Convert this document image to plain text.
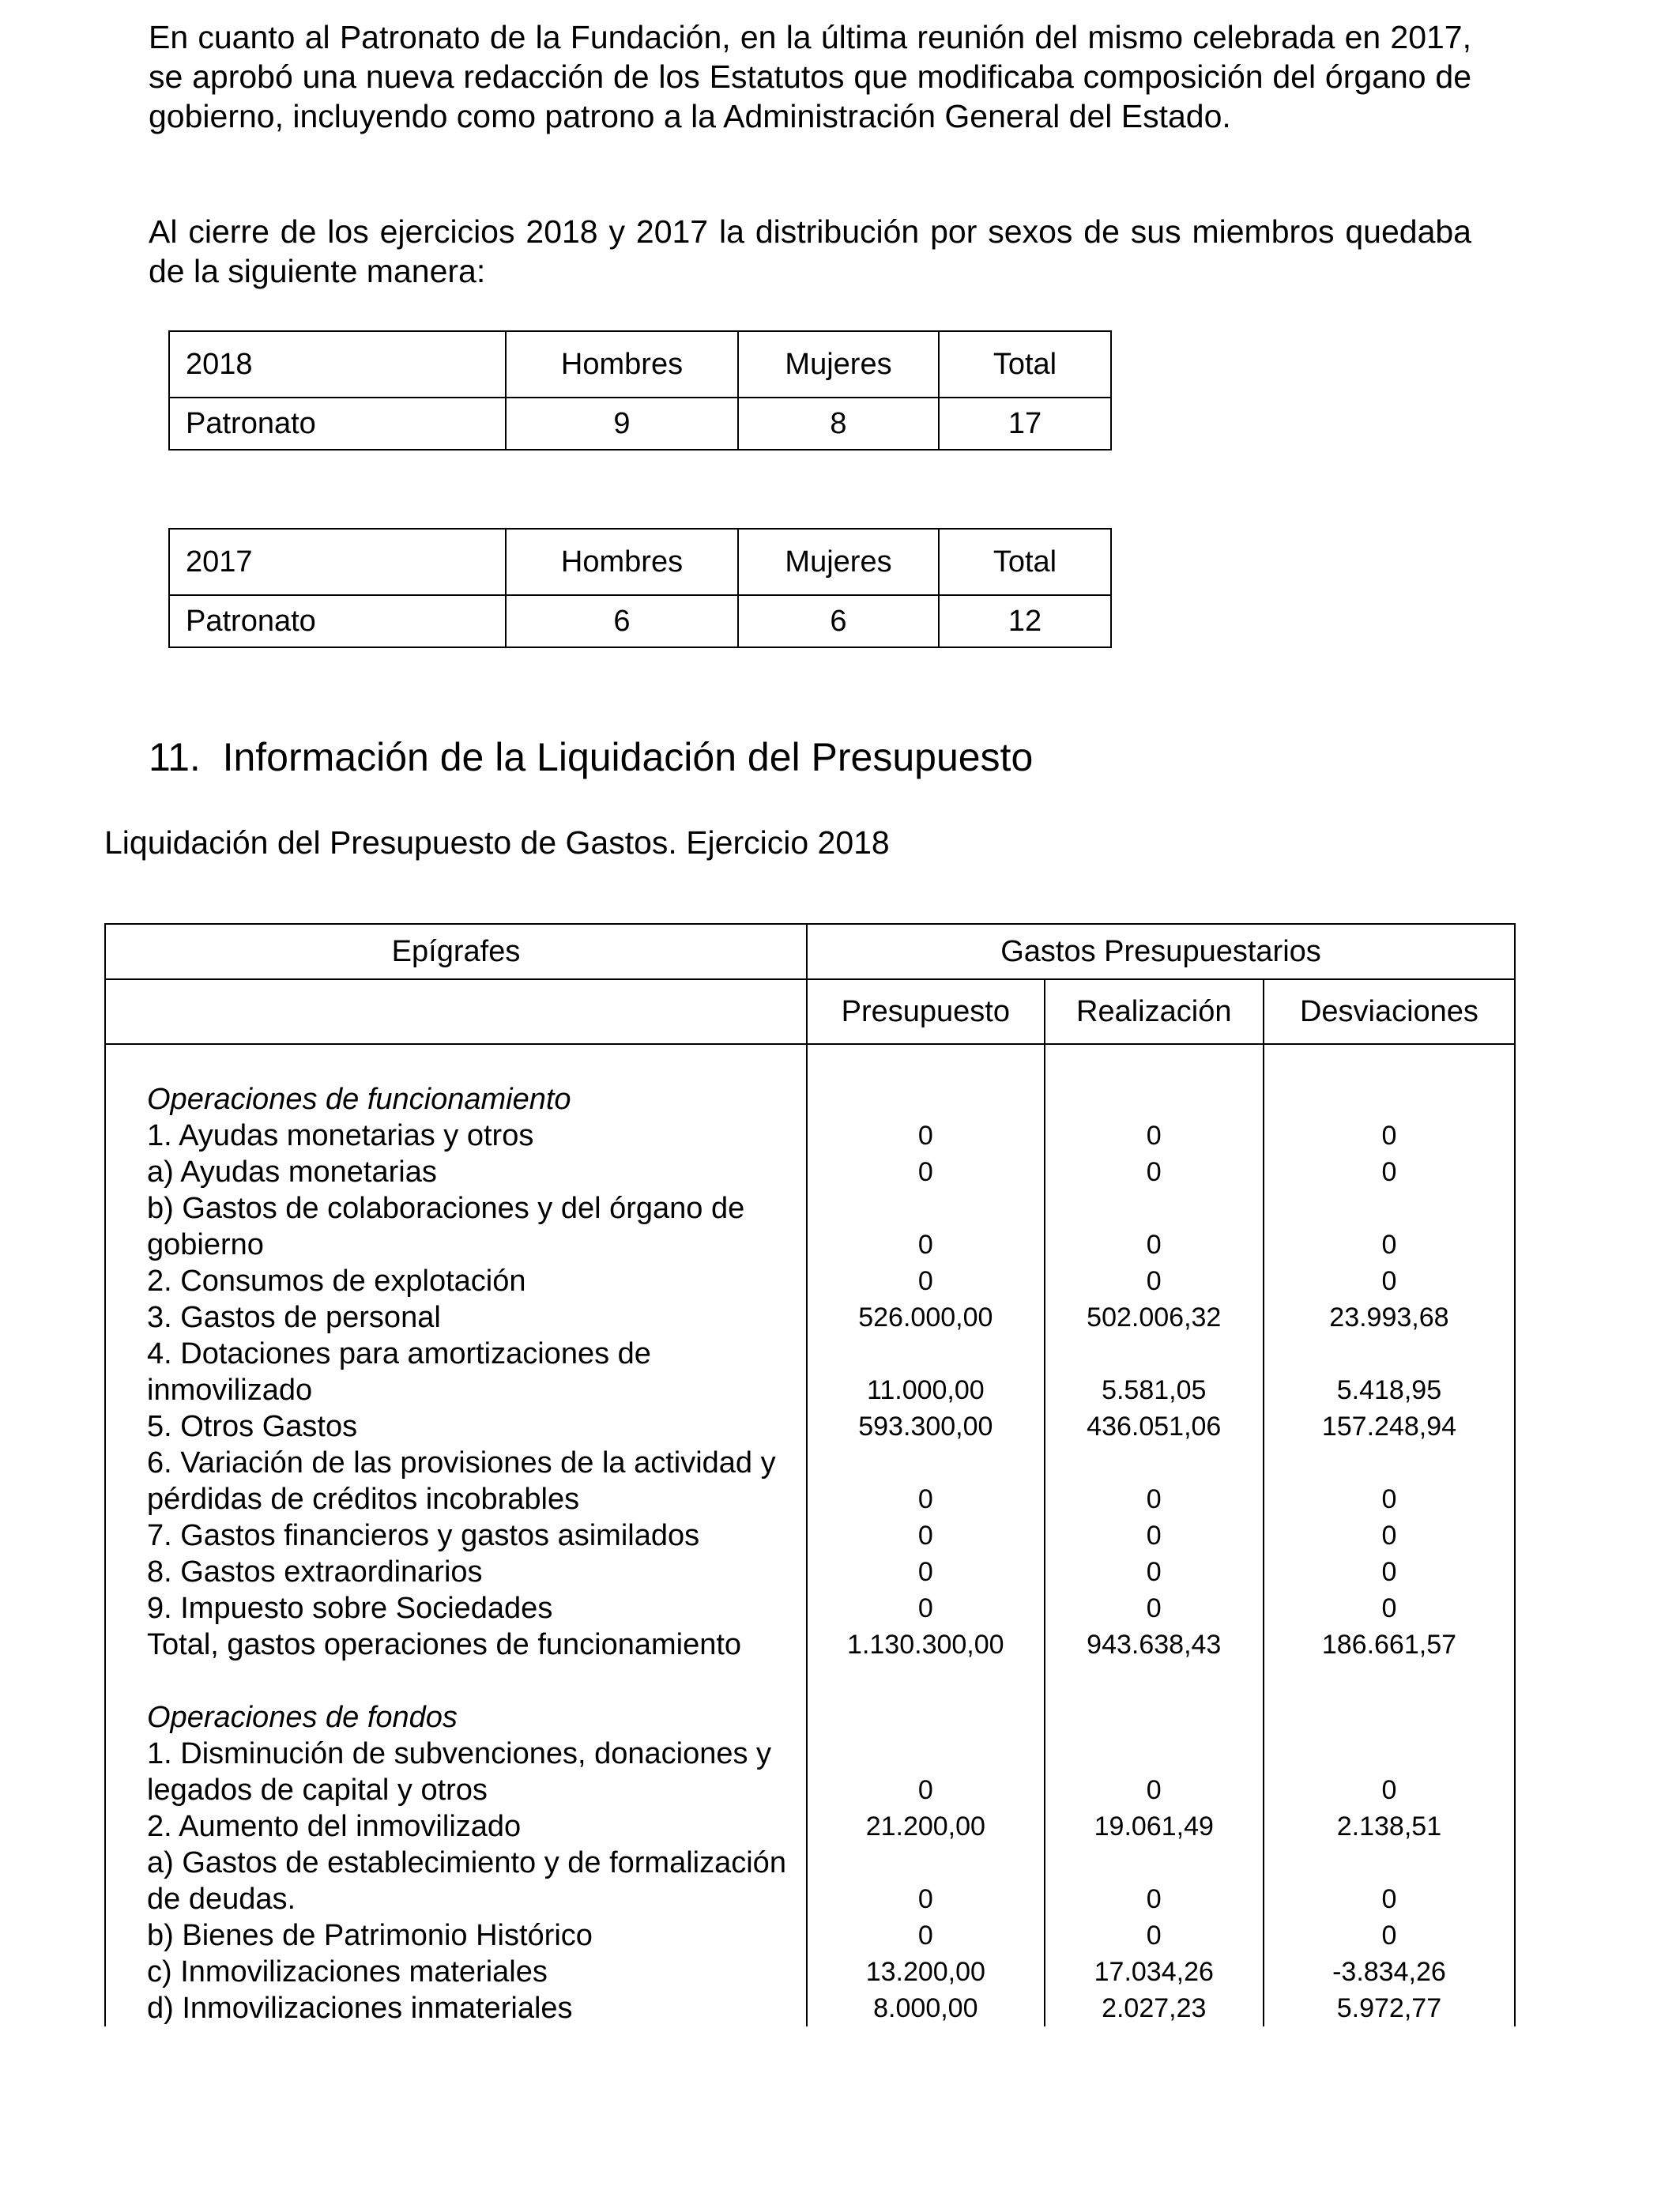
En cuanto al Patronato de la Fundación, en la última reunión del mismo celebrada en 2017, se aprobó una nueva redacción de los Estatutos que modificaba composición del órgano de gobierno, incluyendo como patrono a la Administración General del Estado.

Al cierre de los ejercicios 2018 y 2017 la distribución por sexos de sus miembros quedaba de la siguiente manera:

2018	Hombres	Mujeres	Total
Patronato	9	8	17
2017	Hombres	Mujeres	Total
Patronato	6	6	12
11. Información de la Liquidación del Presupuesto

Liquidación del Presupuesto de Gastos. Ejercicio 2018

Epígrafes	Gastos Presupuestarios		
	Presupuesto	Realización	Desviaciones

Operaciones de funcionamiento			
1. Ayudas monetarias y otros	0	0	0
a) Ayudas monetarias	0	0	0
b) Gastos de colaboraciones y del órgano de gobierno	0	0	0
2. Consumos de explotación	0	0	0
3. Gastos de personal	526.000,00	502.006,32	23.993,68
4. Dotaciones para amortizaciones de inmovilizado	11.000,00	5.581,05	5.418,95
5. Otros Gastos	593.300,00	436.051,06	157.248,94
6. Variación de las provisiones de la actividad y pérdidas de créditos incobrables	0	0	0
7. Gastos financieros y gastos asimilados	0	0	0
8. Gastos extraordinarios	0	0	0
9. Impuesto sobre Sociedades	0	0	0
Total, gastos operaciones de funcionamiento	1.130.300,00	943.638,43	186.661,57

Operaciones de fondos			
1. Disminución de subvenciones, donaciones y legados de capital y otros	0	0	0
2. Aumento del inmovilizado	21.200,00	19.061,49	2.138,51
a) Gastos de establecimiento y de formalización de deudas.	0	0	0
b) Bienes de Patrimonio Histórico	0	0	0
c) Inmovilizaciones materiales	13.200,00	17.034,26	-3.834,26
d) Inmovilizaciones inmateriales	8.000,00	2.027,23	5.972,77
